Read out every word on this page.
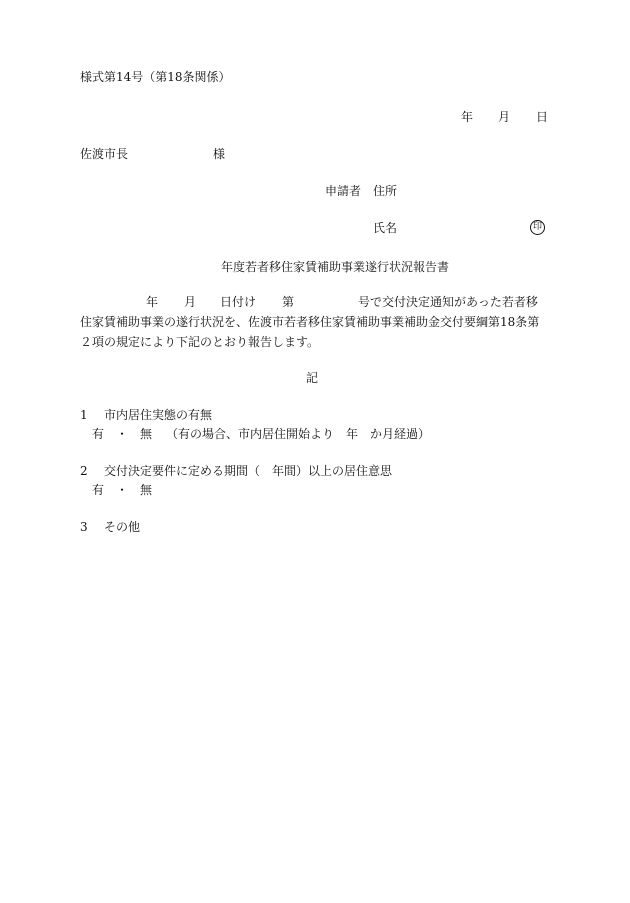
様式第14号（第18条関係）
年 月 日
佐渡市長	様
申請者 住所
氏名	印
年度若者移住家賃補助事業遂行状況報告書
年 月 日付け 第	号で交付決定通知があった若者移
住家賃補助事業の遂行状況を、佐渡市若者移住家賃補助事業補助金交付要綱第18条第
２項の規定により下記のとおり報告します。
記
1 市内居住実態の有無
有　・　無 （有の場合、市内居住開始より　年　か月経過）
2 交付決定要件に定める期間（　年間）以上の居住意思
有　・　無
3 その他
